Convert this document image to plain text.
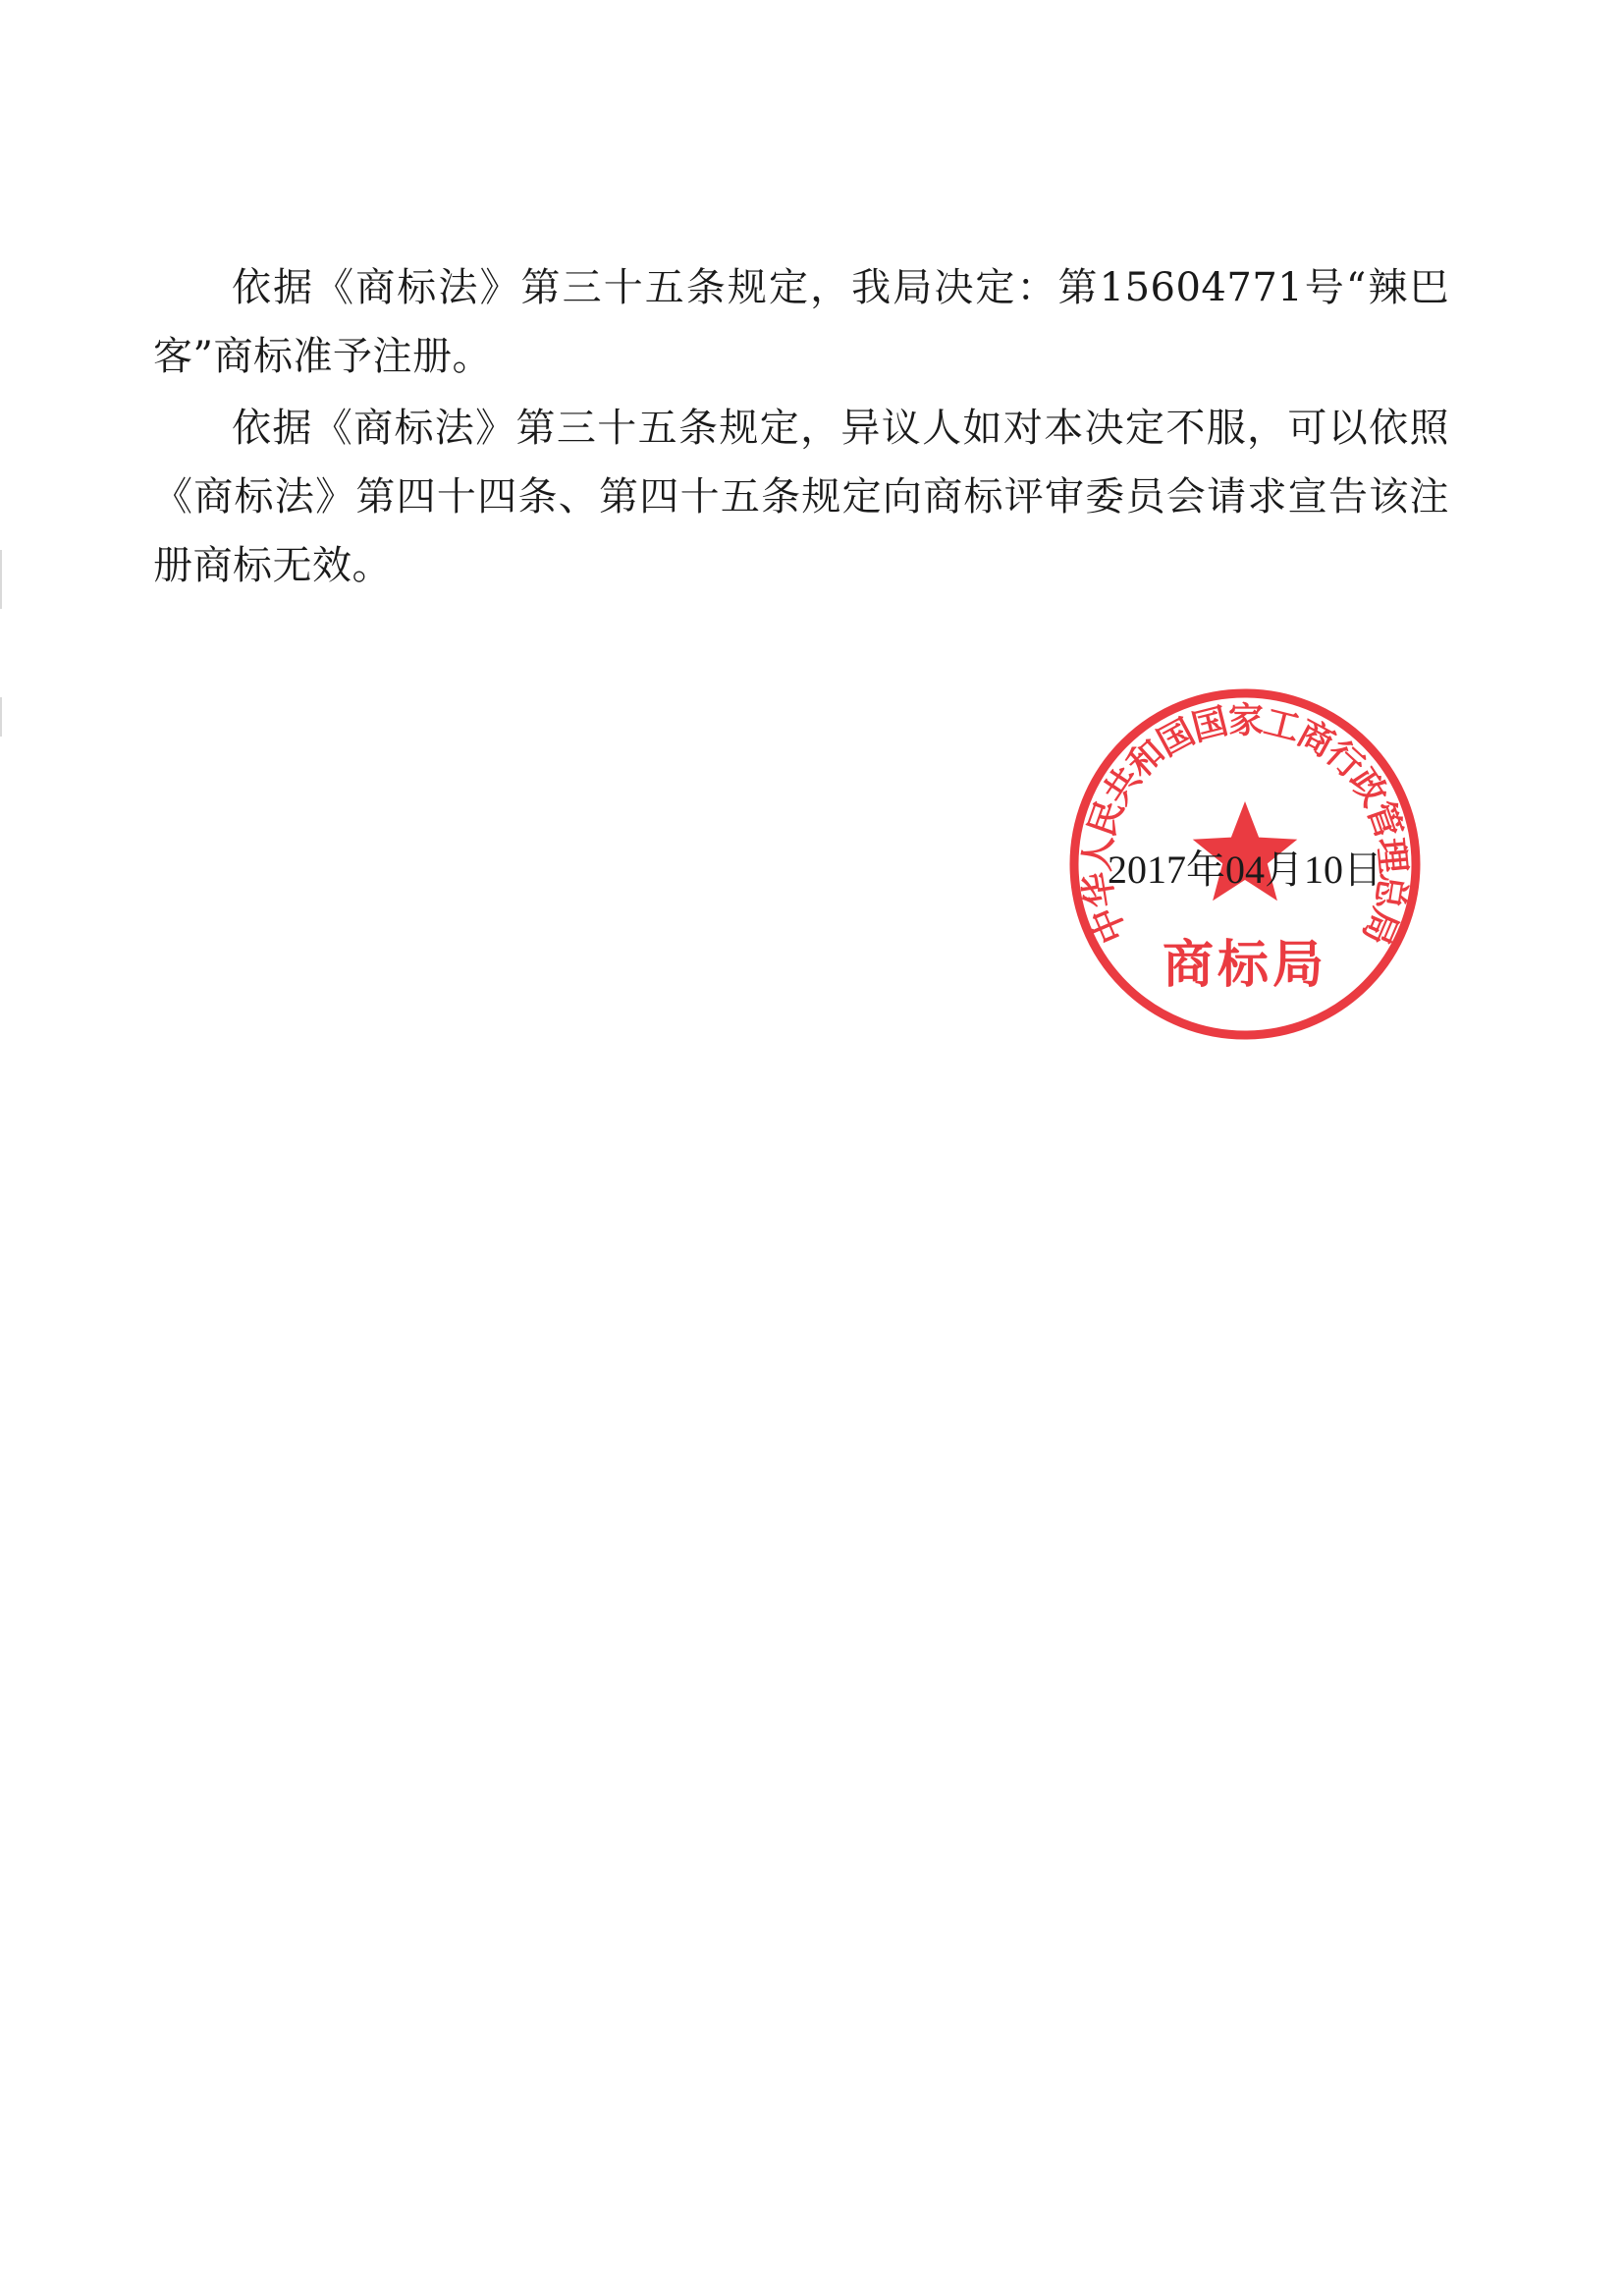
依据《商标法》第三十五条规定，我局决定：第15604771号“辣巴客”商标准予注册。

依据《商标法》第三十五条规定，异议人如对本决定不服，可以依照《商标法》第四十四条、第四十五条规定向商标评审委员会请求宣告该注册商标无效。

中华人民共和国国家工商行政管理总局
商标局
2017年04月10日
